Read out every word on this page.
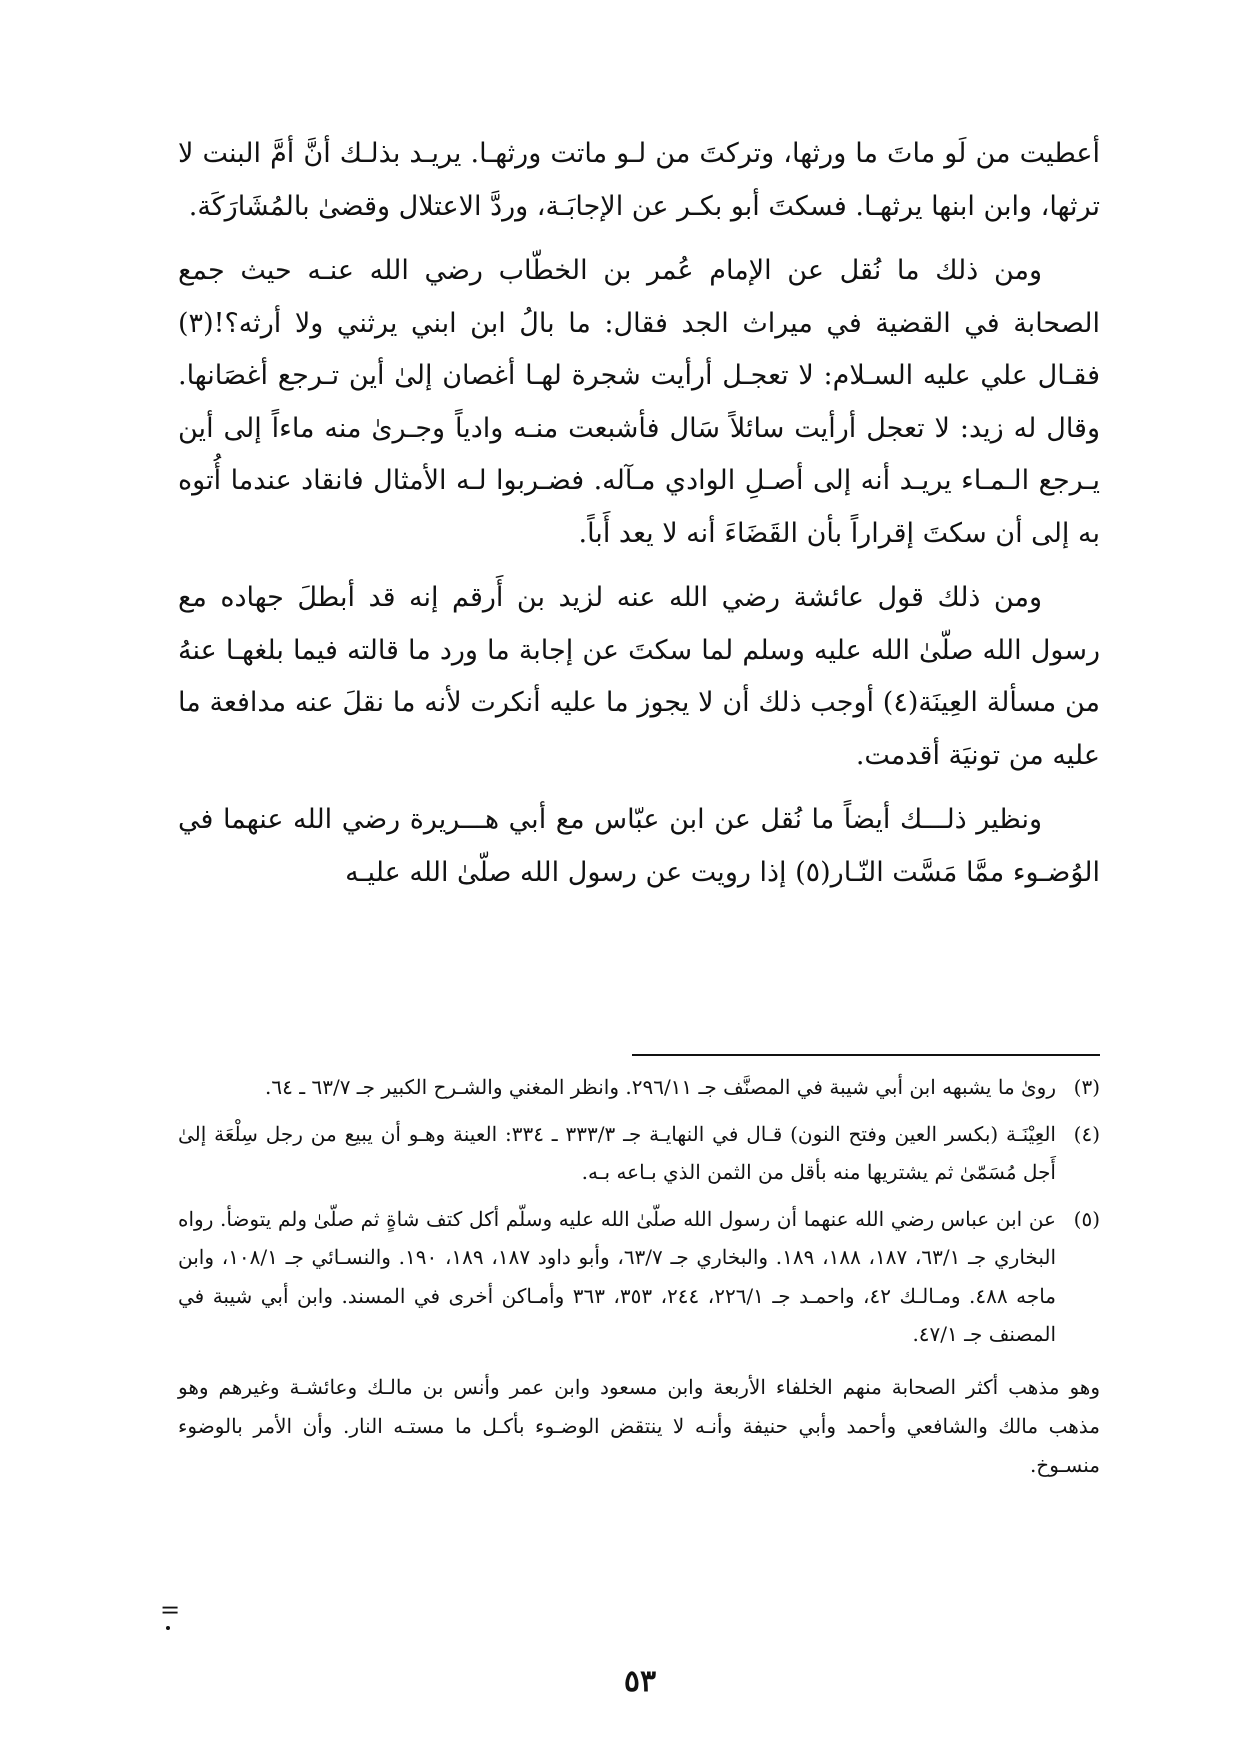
أعطيت من لَو ماتَ ما ورثها، وتركتَ من لـو ماتت ورثهـا. يريـد بذلـك أنَّ أمَّ البنت لا ترثها، وابن ابنها يرثهـا. فسكتَ أبو بكـر عن الإجابَـة، وردَّ الاعتلال وقضىٰ بالمُشَارَكَة.

ومن ذلك ما نُقل عن الإمام عُمر بن الخطّاب رضي الله عنـه حيث جمع الصحابة في القضية في ميراث الجد فقال: ما بالُ ابن ابني يرثني ولا أرثه؟!(٣) فقـال علي عليه السـلام: لا تعجـل أرأيت شجرة لهـا أغصان إلىٰ أين تـرجع أغصَانها. وقال له زيد: لا تعجل أرأيت سائلاً سَال فأشبعت منـه وادياً وجـرىٰ منه ماءاً إلى أين يـرجع الـمـاء يريـد أنه إلى أصـلِ الوادي مـآله. فضـربوا لـه الأمثال فانقاد عندما أُتوه به إلى أن سكتَ إقراراً بأن القَضَاءَ أنه لا يعد أَباً.

ومن ذلك قول عائشة رضي الله عنه لزيد بن أَرقم إنه قد أبطلَ جهاده مع رسول الله صلّىٰ الله عليه وسلم لما سكتَ عن إجابة ما ورد ما قالته فيما بلغهـا عنهُ من مسألة العِينَة(٤) أوجب ذلك أن لا يجوز ما عليه أنكرت لأنه ما نقلَ عنه مدافعة ما عليه من تونيَة أقدمت.

ونظير ذلـــك أيضاً ما نُقل عن ابن عبّاس مع أبي هـــريرة رضي الله عنهما في الوُضـوء ممَّا مَسَّت النّـار(٥) إذا رويت عن رسول الله صلّىٰ الله عليـه

(٣)روىٰ ما يشبهه ابن أبي شيبة في المصنَّف جـ ٢٩٦/١١. وانظر المغني والشـرح الكبير جـ ٦٣/٧ ـ ٦٤.

(٤)العِيْنَـة (بكسر العين وفتح النون) قـال في النهايـة جـ ٣٣٣/٣ ـ ٣٣٤: العينة وهـو أن يبيع من رجل سِلْعَة إلىٰ أَجل مُسَمّىٰ ثم يشتريها منه بأقل من الثمن الذي بـاعه بـه.

(٥)عن ابن عباس رضي الله عنهما أن رسول الله صلّىٰ الله عليه وسلّم أكل كتف شاةٍ ثم صلّىٰ ولم يتوضأ. رواه البخاري جـ ٦٣/١، ١٨٧، ١٨٨، ١٨٩. والبخاري جـ ٦٣/٧، وأبو داود ١٨٧، ١٨٩، ١٩٠. والنسـائي جـ ١٠٨/١، وابن ماجه ٤٨٨. ومـالـك ٤٢، واحمـد جـ ٢٢٦/١، ٢٤٤، ٣٥٣، ٣٦٣ وأمـاكن أخرى في المسند. وابن أبي شيبة في المصنف جـ ٤٧/١.

وهو مذهب أكثر الصحابة منهم الخلفاء الأربعة وابن مسعود وابن عمر وأنس بن مالـك وعائشـة وغيرهم وهو مذهب مالك والشافعي وأحمد وأبي حنيفة وأنـه لا ينتقض الوضـوء بأكـل ما مستـه النار. وأن الأمر بالوضوء منسـوخ.

=
٥٣
